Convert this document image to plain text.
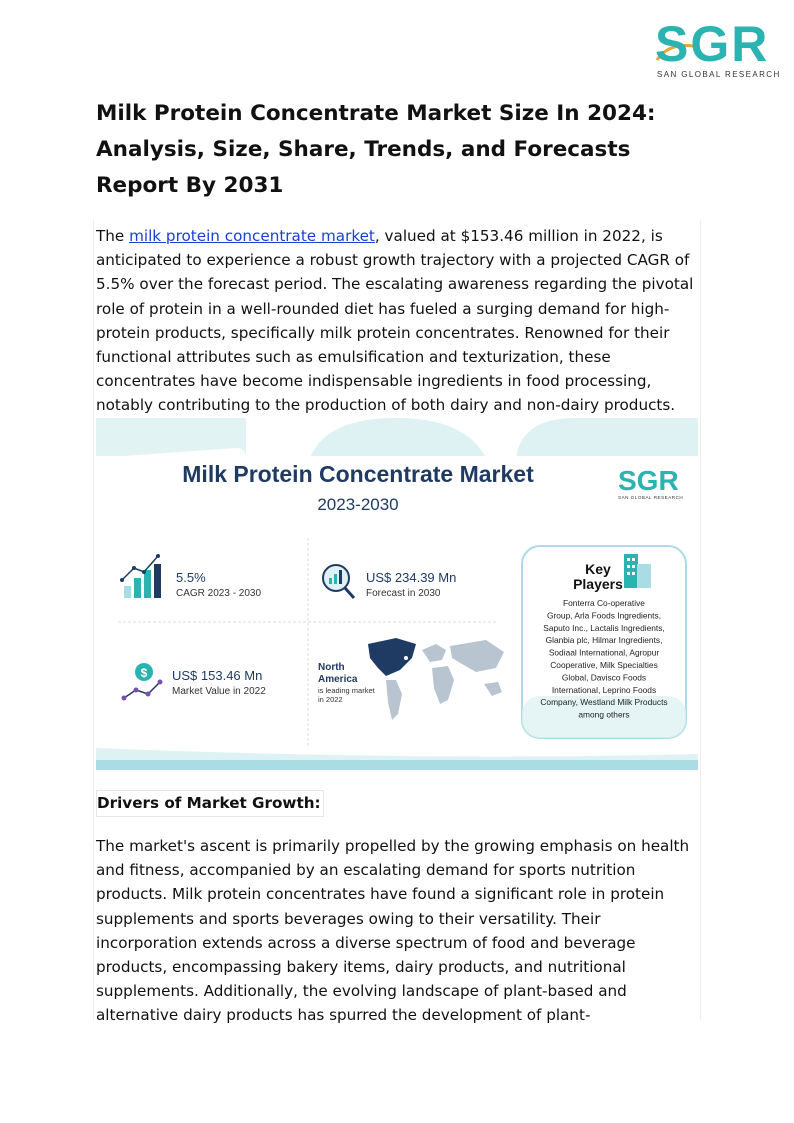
SGR
SAN GLOBAL RESEARCH
Milk Protein Concentrate Market Size In 2024: Analysis, Size, Share, Trends, and Forecasts Report By 2031

The milk protein concentrate market, valued at $153.46 million in 2022, is anticipated to experience a robust growth trajectory with a projected CAGR of 5.5% over the forecast period. The escalating awareness regarding the pivotal role of protein in a well-rounded diet has fueled a surging demand for high-protein products, specifically milk protein concentrates. Renowned for their functional attributes such as emulsification and texturization, these concentrates have become indispensable ingredients in food processing, notably contributing to the production of both dairy and non-dairy products.

Milk Protein Concentrate Market
2023-2030
SGR
SAN GLOBAL RESEARCH
5.5%
CAGR 2023 - 2030
US$ 234.39 Mn
Forecast in 2030
$ US$ 153.46 Mn
Market Value in 2022
North
America
is leading market
in 2022
Key
Players
Fonterra Co-operative
Group, Arla Foods Ingredients,
Saputo Inc., Lactalis Ingredients,
Glanbia plc, Hilmar Ingredients,
Sodiaal International, Agropur
Cooperative, Milk Specialties
Global, Davisco Foods
International, Leprino Foods
Company, Westland Milk Products
among others
Drivers of Market Growth:

The market's ascent is primarily propelled by the growing emphasis on health and fitness, accompanied by an escalating demand for sports nutrition products. Milk protein concentrates have found a significant role in protein supplements and sports beverages owing to their versatility. Their incorporation extends across a diverse spectrum of food and beverage products, encompassing bakery items, dairy products, and nutritional supplements. Additionally, the evolving landscape of plant-based and alternative dairy products has spurred the development of plant-
